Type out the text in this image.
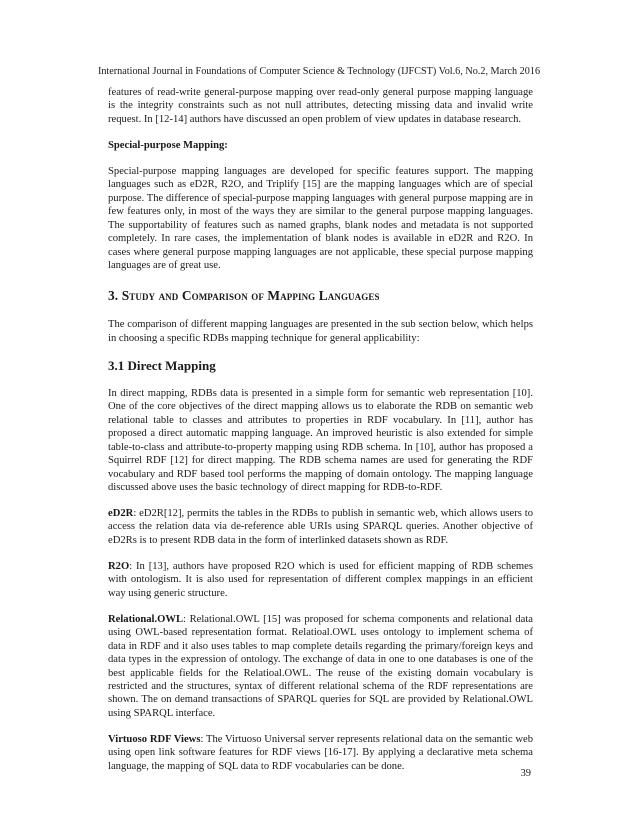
International Journal in Foundations of Computer Science & Technology (IJFCST) Vol.6, No.2, March 2016

features of read-write general-purpose mapping over read-only general purpose mapping language is the integrity constraints such as not null attributes, detecting missing data and invalid write request. In [12-14] authors have discussed an open problem of view updates in database research.

Special-purpose Mapping:

Special-purpose mapping languages are developed for specific features support. The mapping languages such as eD2R, R2O, and Triplify [15] are the mapping languages which are of special purpose. The difference of special-purpose mapping languages with general purpose mapping are in few features only, in most of the ways they are similar to the general purpose mapping languages. The supportability of features such as named graphs, blank nodes and metadata is not supported completely. In rare cases, the implementation of blank nodes is available in eD2R and R2O. In cases where general purpose mapping languages are not applicable, these special purpose mapping languages are of great use.

3. Study and Comparison of Mapping Languages

The comparison of different mapping languages are presented in the sub section below, which helps in choosing a specific RDBs mapping technique for general applicability:

3.1 Direct Mapping

In direct mapping, RDBs data is presented in a simple form for semantic web representation [10]. One of the core objectives of the direct mapping allows us to elaborate the RDB on semantic web relational table to classes and attributes to properties in RDF vocabulary. In [11], author has proposed a direct automatic mapping language. An improved heuristic is also extended for simple table-to-class and attribute-to-property mapping using RDB schema. In [10], author has proposed a Squirrel RDF [12] for direct mapping. The RDB schema names are used for generating the RDF vocabulary and RDF based tool performs the mapping of domain ontology. The mapping language discussed above uses the basic technology of direct mapping for RDB-to-RDF.

eD2R: eD2R[12], permits the tables in the RDBs to publish in semantic web, which allows users to access the relation data via de-reference able URIs using SPARQL queries. Another objective of eD2Rs is to present RDB data in the form of interlinked datasets shown as RDF.

R2O: In [13], authors have proposed R2O which is used for efficient mapping of RDB schemes with ontologism. It is also used for representation of different complex mappings in an efficient way using generic structure.

Relational.OWL: Relational.OWL [15] was proposed for schema components and relational data using OWL-based representation format. Relatioal.OWL uses ontology to implement schema of data in RDF and it also uses tables to map complete details regarding the primary/foreign keys and data types in the expression of ontology. The exchange of data in one to one databases is one of the best applicable fields for the Relatioal.OWL. The reuse of the existing domain vocabulary is restricted and the structures, syntax of different relational schema of the RDF representations are shown. The on demand transactions of SPARQL queries for SQL are provided by Relational.OWL using SPARQL interface.

Virtuoso RDF Views: The Virtuoso Universal server represents relational data on the semantic web using open link software features for RDF views [16-17]. By applying a declarative meta schema language, the mapping of SQL data to RDF vocabularies can be done.

39
